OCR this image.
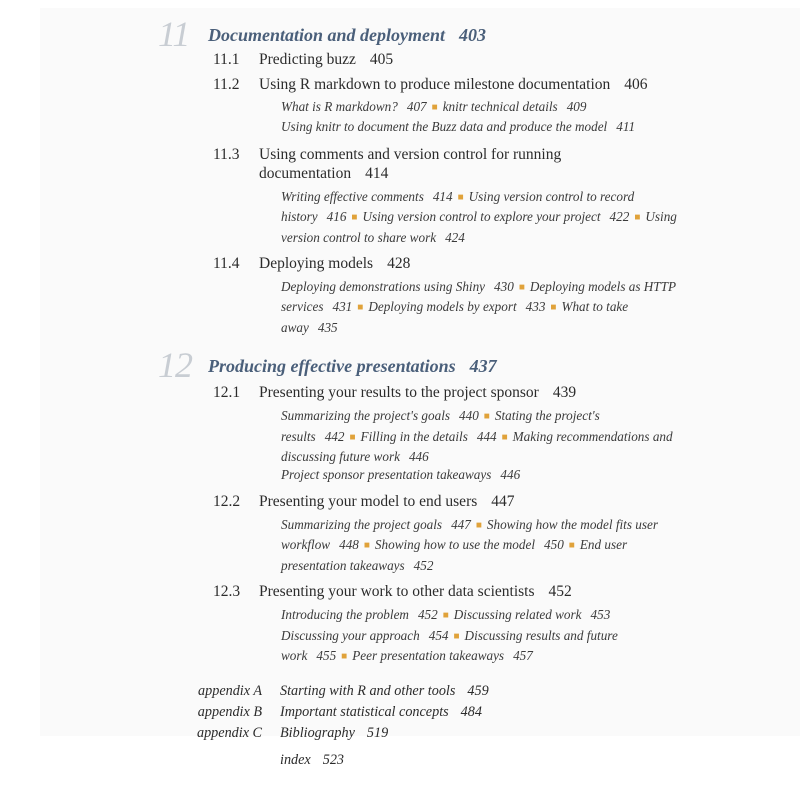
11 Documentation and deployment 403
11.1	Predicting buzz 405
11.2	Using R markdown to produce milestone documentation 406
What is R markdown? 407 ■ knitr technical details 409
Using knitr to document the Buzz data and produce the model 411
11.3	Using comments and version control for running documentation 414
Writing effective comments 414 ■ Using version control to record history 416 ■ Using version control to explore your project 422 ■ Using version control to share work 424
11.4	Deploying models 428
Deploying demonstrations using Shiny 430 ■ Deploying models as HTTP services 431 ■ Deploying models by export 433 ■ What to take away 435
12 Producing effective presentations 437
12.1	Presenting your results to the project sponsor 439
Summarizing the project's goals 440 ■ Stating the project's results 442 ■ Filling in the details 444 ■ Making recommendations and discussing future work 446
Project sponsor presentation takeaways 446
12.2	Presenting your model to end users 447
Summarizing the project goals 447 ■ Showing how the model fits user workflow 448 ■ Showing how to use the model 450 ■ End user presentation takeaways 452
12.3	Presenting your work to other data scientists 452
Introducing the problem 452 ■ Discussing related work 453
Discussing your approach 454 ■ Discussing results and future work 455 ■ Peer presentation takeaways 457
appendix A Starting with R and other tools 459
appendix B Important statistical concepts 484
appendix C Bibliography 519
index 523
